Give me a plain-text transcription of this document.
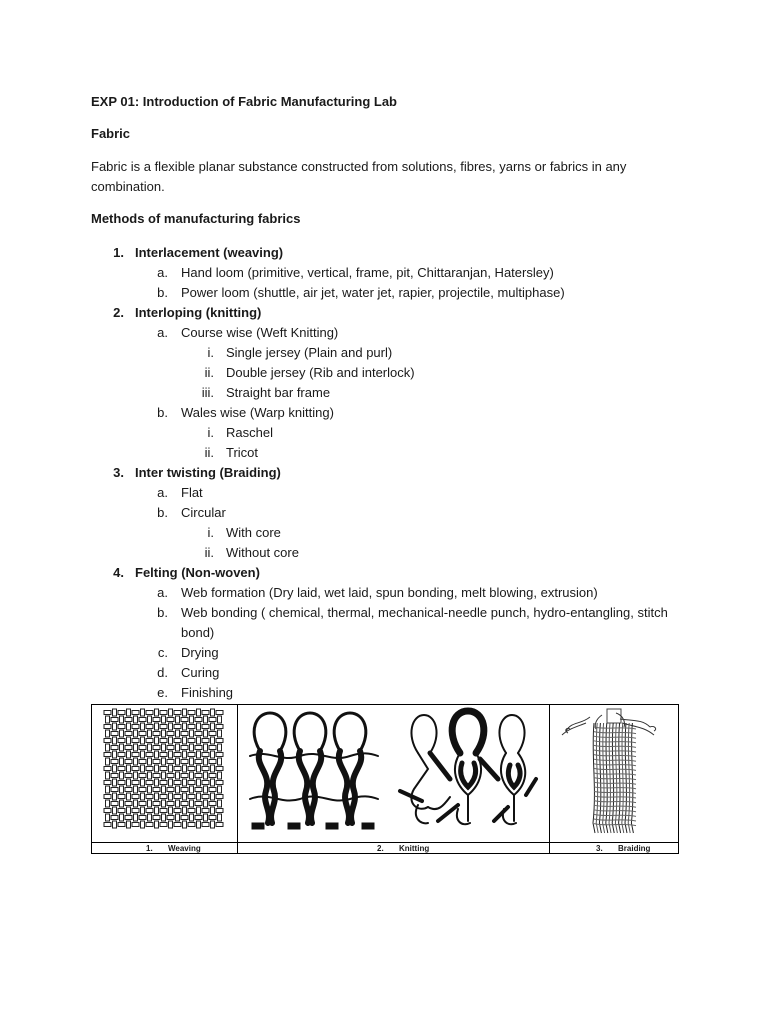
EXP 01: Introduction of Fabric Manufacturing Lab
Fabric
Fabric is a flexible planar substance constructed from solutions, fibres, yarns or fabrics in any
combination.
Methods of manufacturing fabrics
1. Interlacement (weaving)
a. Hand loom (primitive, vertical, frame, pit, Chittaranjan, Hatersley)
b. Power loom (shuttle, air jet, water jet, rapier, projectile, multiphase)
2. Interloping (knitting)
a. Course wise (Weft Knitting)
i. Single jersey (Plain and purl)
ii. Double jersey (Rib and interlock)
iii. Straight bar frame
b. Wales wise (Warp knitting)
i. Raschel
ii. Tricot
3. Inter twisting (Braiding)
a. Flat
b. Circular
i. With core
ii. Without core
4. Felting (Non-woven)
a. Web formation (Dry laid, wet laid, spun bonding, melt blowing, extrusion)
b. Web bonding ( chemical, thermal, mechanical-needle punch, hydro-entangling, stitch
bond)
c. Drying
d. Curing
e. Finishing
1. Weaving	2. Knitting	3. Braiding
